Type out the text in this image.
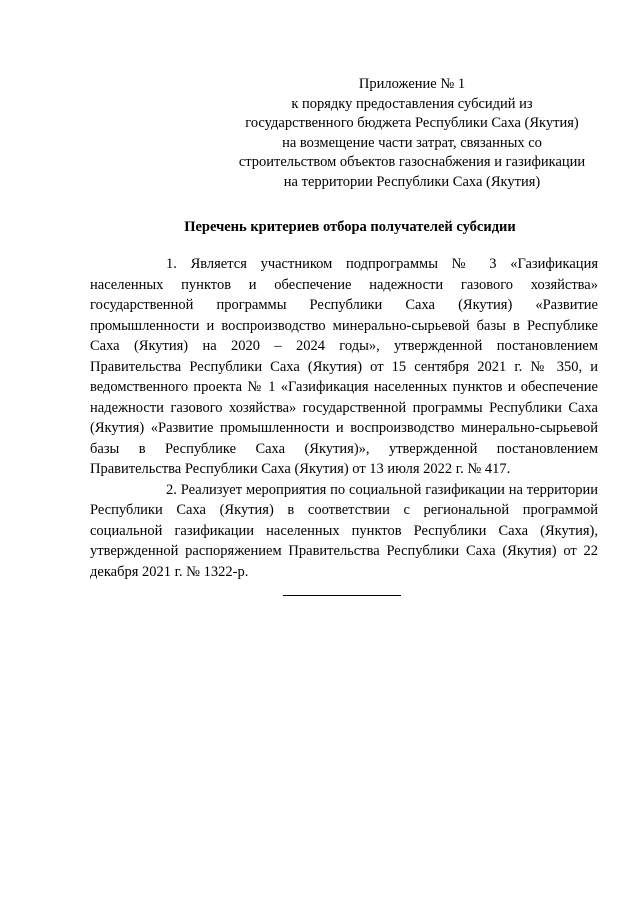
Приложение № 1
к порядку предоставления субсидий из
государственного бюджета Республики Саха (Якутия)
на возмещение части затрат, связанных со
строительством объектов газоснабжения и газификации
на территории Республики Саха (Якутия)
Перечень критериев отбора получателей субсидии

1. Является участником подпрограммы № 3 «Газификация населенных пунктов и обеспечение надежности газового хозяйства» государственной программы Республики Саха (Якутия) «Развитие промышленности и воспроизводство минерально-сырьевой базы в Республике Саха (Якутия) на 2020 – 2024 годы», утвержденной постановлением Правительства Республики Саха (Якутия) от 15 сентября 2021 г. № 350, и ведомственного проекта № 1 «Газификация населенных пунктов и обеспечение надежности газового хозяйства» государственной программы Республики Саха (Якутия) «Развитие промышленности и воспроизводство минерально-сырьевой базы в Республике Саха (Якутия)», утвержденной постановлением Правительства Республики Саха (Якутия) от 13 июля 2022 г. № 417.

2. Реализует мероприятия по социальной газификации на территории Республики Саха (Якутия) в соответствии с региональной программой социальной газификации населенных пунктов Республики Саха (Якутия), утвержденной распоряжением Правительства Республики Саха (Якутия) от 22 декабря 2021 г. № 1322-р.
